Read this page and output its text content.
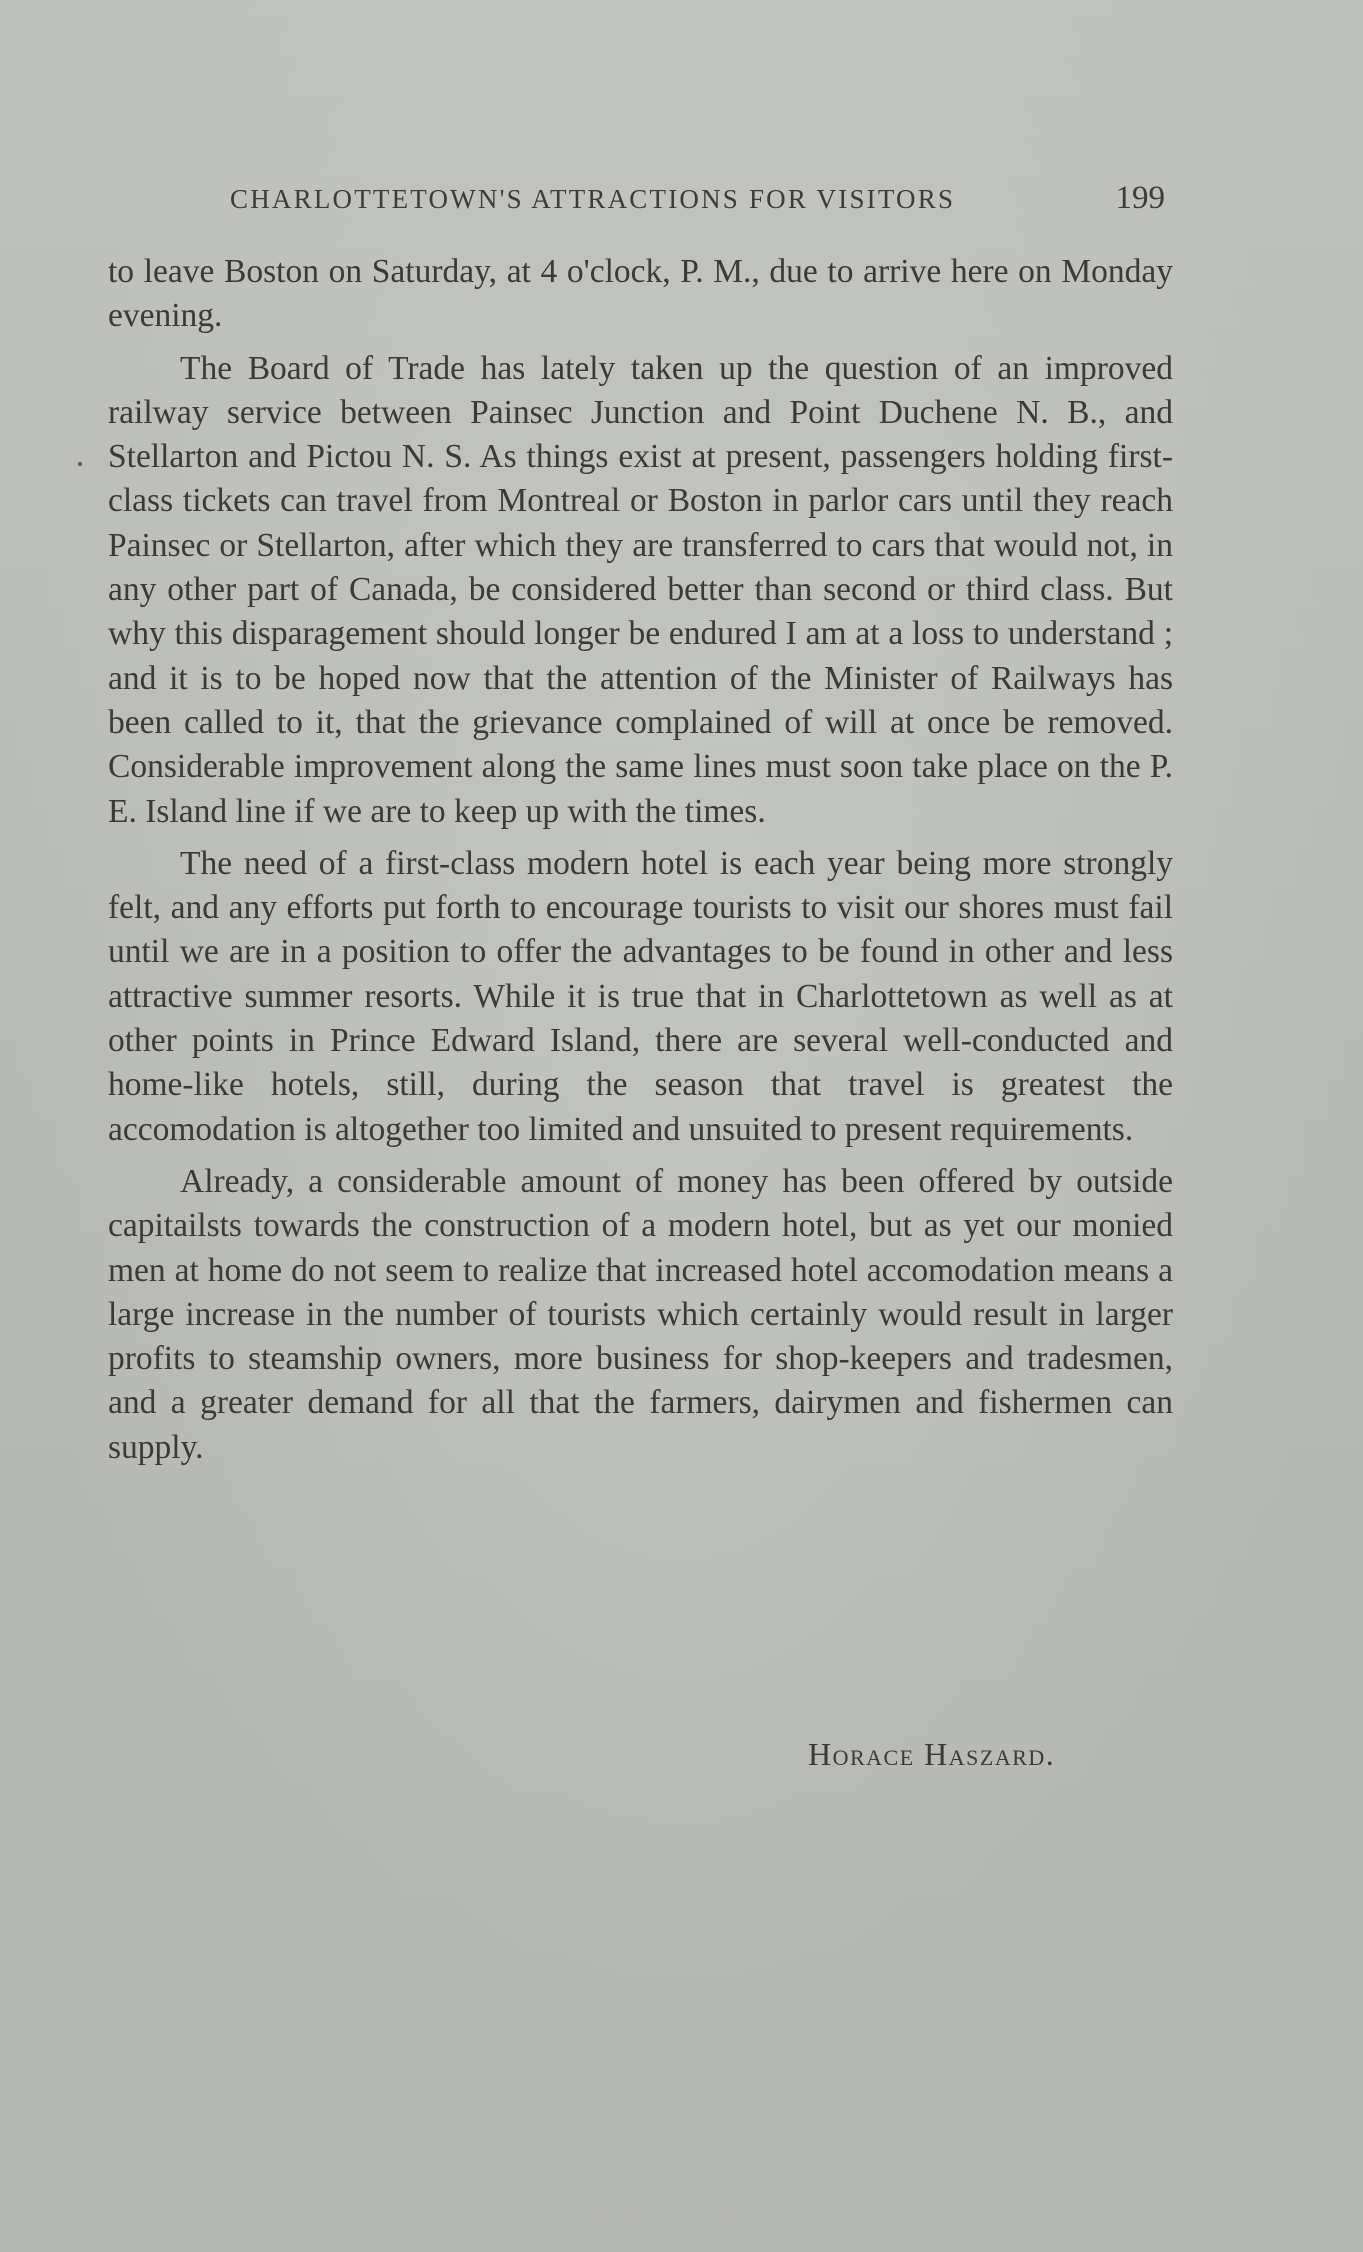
CHARLOTTETOWN'S ATTRACTIONS FOR VISITORS	199

to leave Boston on Saturday, at 4 o'clock, P. M., due to arrive here on Monday evening.

The Board of Trade has lately taken up the question of an improved railway service between Painsec Junction and Point Duchene N. B., and Stellarton and Pictou N. S. As things exist at present, passengers holding first-class tickets can travel from Montreal or Boston in parlor cars until they reach Painsec or Stellarton, after which they are transferred to cars that would not, in any other part of Canada, be considered better than second or third class. But why this disparagement should longer be endured I am at a loss to understand ; and it is to be hoped now that the attention of the Minister of Railways has been called to it, that the grievance complained of will at once be removed. Considerable improvement along the same lines must soon take place on the P. E. Island line if we are to keep up with the times.

The need of a first-class modern hotel is each year being more strongly felt, and any efforts put forth to encourage tourists to visit our shores must fail until we are in a position to offer the advantages to be found in other and less attractive summer resorts. While it is true that in Charlottetown as well as at other points in Prince Edward Island, there are several well-conducted and home-like hotels, still, during the season that travel is greatest the accomodation is altogether too limited and unsuited to present requirements.

Already, a considerable amount of money has been offered by outside capitailsts towards the construction of a modern hotel, but as yet our monied men at home do not seem to realize that increased hotel accomodation means a large increase in the number of tourists which certainly would result in larger profits to steamship owners, more business for shop-keepers and tradesmen, and a greater demand for all that the farmers, dairymen and fishermen can supply.

Horace Haszard.
